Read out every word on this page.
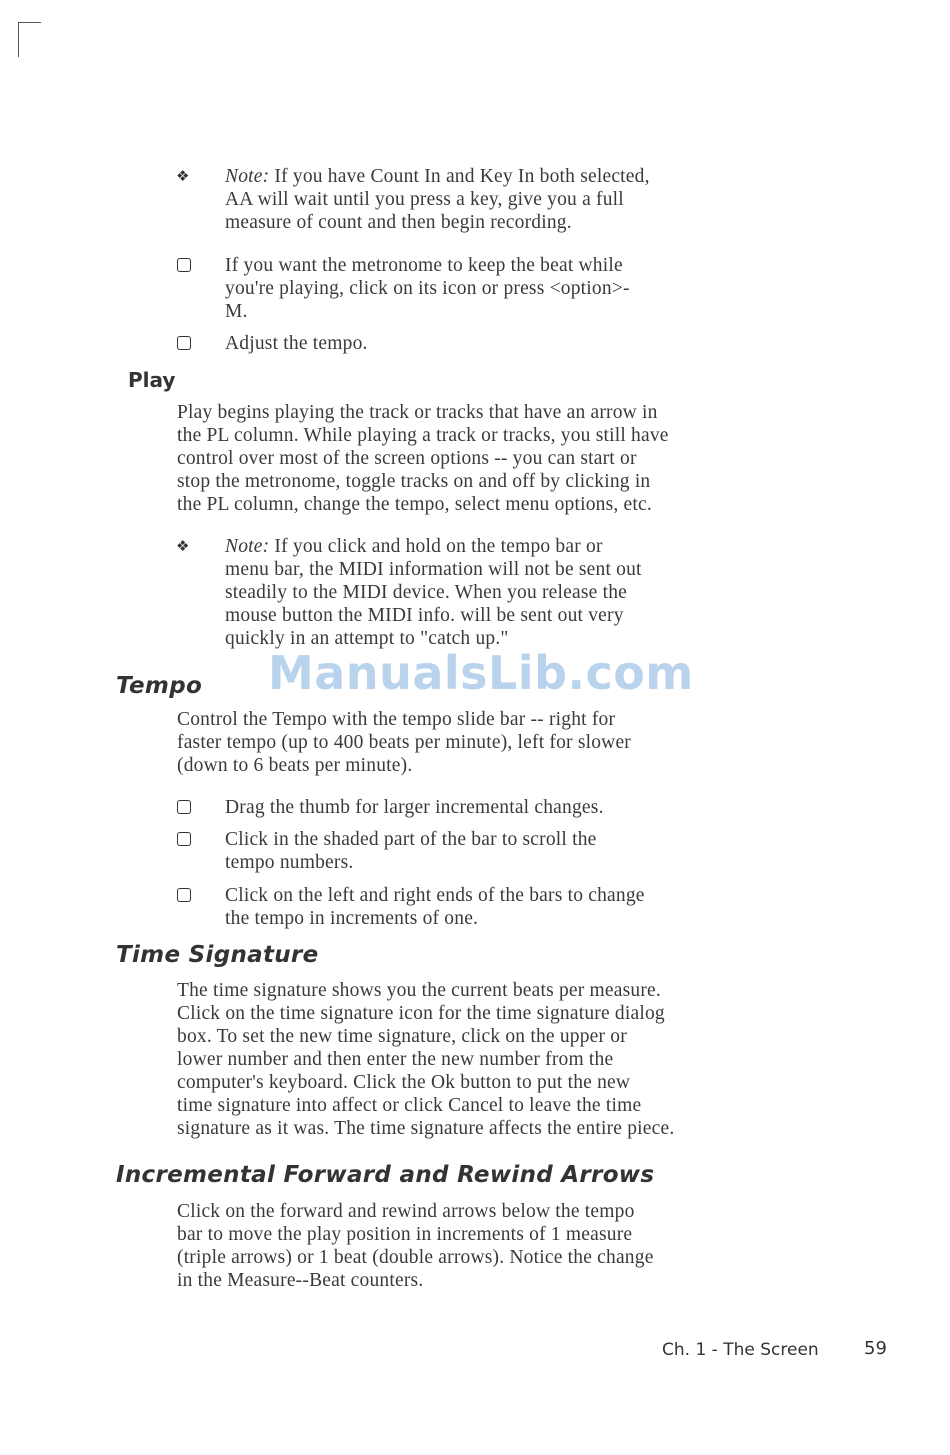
❖ Note: If you have Count In and Key In both selected,
AA will wait until you press a key, give you a full
measure of count and then begin recording.
If you want the metronome to keep the beat while
you're playing, click on its icon or press <option>-
M.
Adjust the tempo.
Play
Play begins playing the track or tracks that have an arrow in
the PL column. While playing a track or tracks, you still have
control over most of the screen options -- you can start or
stop the metronome, toggle tracks on and off by clicking in
the PL column, change the tempo, select menu options, etc.
❖ Note: If you click and hold on the tempo bar or
menu bar, the MIDI information will not be sent out
steadily to the MIDI device. When you release the
mouse button the MIDI info. will be sent out very
quickly in an attempt to "catch up."
ManualsLib.com
Tempo
Control the Tempo with the tempo slide bar -- right for
faster tempo (up to 400 beats per minute), left for slower
(down to 6 beats per minute).
Drag the thumb for larger incremental changes.
Click in the shaded part of the bar to scroll the
tempo numbers.
Click on the left and right ends of the bars to change
the tempo in increments of one.
Time Signature
The time signature shows you the current beats per measure.
Click on the time signature icon for the time signature dialog
box. To set the new time signature, click on the upper or
lower number and then enter the new number from the
computer's keyboard. Click the Ok button to put the new
time signature into affect or click Cancel to leave the time
signature as it was. The time signature affects the entire piece.
Incremental Forward and Rewind Arrows
Click on the forward and rewind arrows below the tempo
bar to move the play position in increments of 1 measure
(triple arrows) or 1 beat (double arrows). Notice the change
in the Measure--Beat counters.
Ch. 1 - The Screen	59
